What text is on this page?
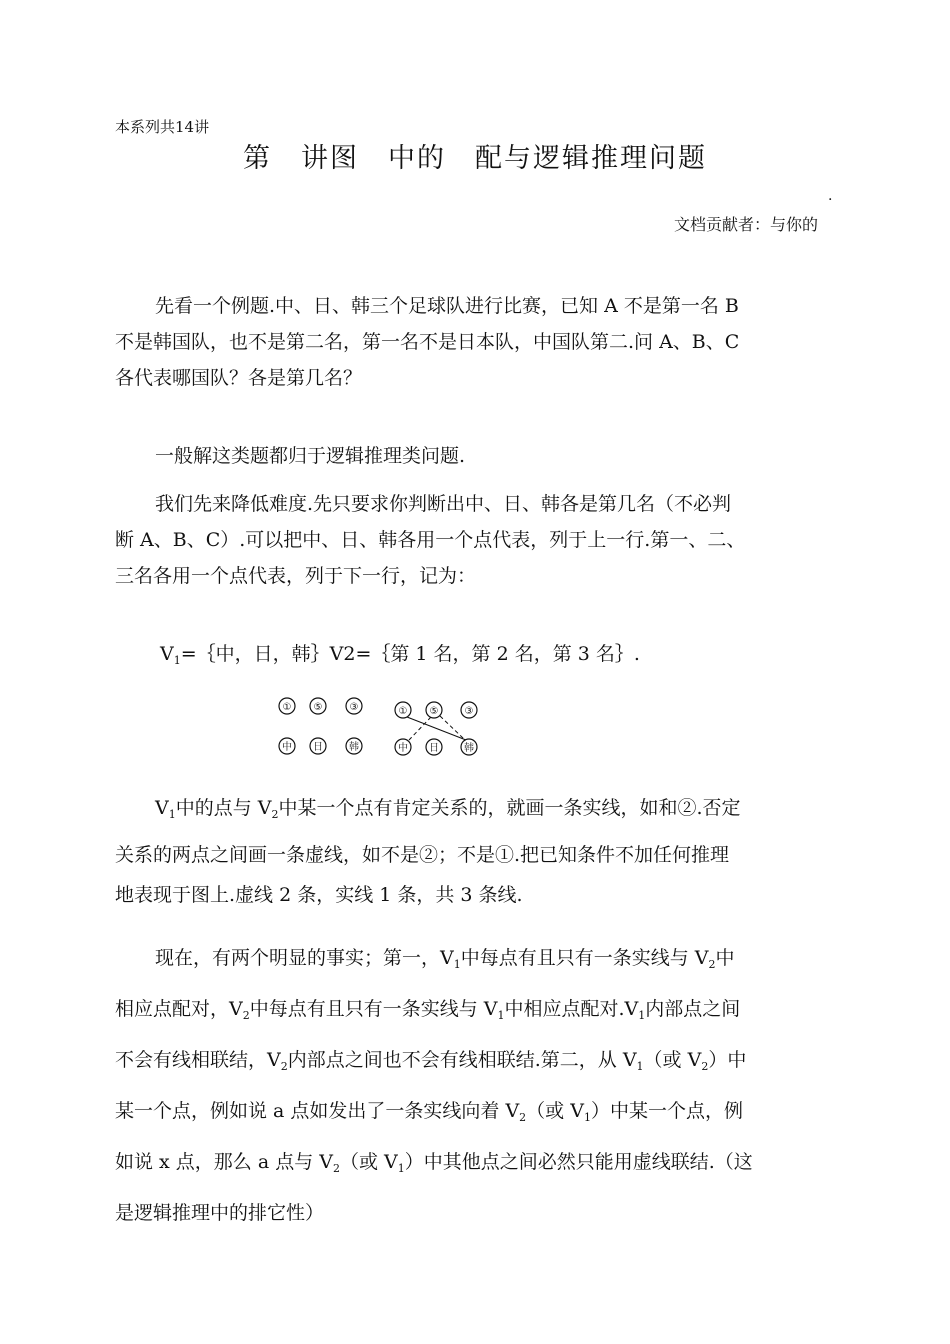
本系列共14讲
第　讲图　中的　配与逻辑推理问题
.
文档贡献者：与你的
先看一个例题.中、日、韩三个足球队进行比赛，已知 A 不是第一名 B
不是韩国队，也不是第二名，第一名不是日本队，中国队第二.问 A、B、C
各代表哪国队？各是第几名？
一般解这类题都归于逻辑推理类问题.
我们先来降低难度.先只要求你判断出中、日、韩各是第几名（不必判
断 A、B、C）.可以把中、日、韩各用一个点代表，列于上一行.第一、二、
三名各用一个点代表，列于下一行，记为：
$V_1=\{$中，日，韩｝V2=｛第 1 名，第 2 名，第 3 名｝.
① ⑤	③	① ⑤	③
中 日	韩	中 日	韩
$V_1$中的点与 $V_2$中某一个点有肯定关系的，就画一条实线，如和②.否定
关系的两点之间画一条虚线，如不是②；不是①.把已知条件不加任何推理
地表现于图上.虚线 2 条，实线 1 条，共 3 条线.
现在，有两个明显的事实；第一，$V_1$中每点有且只有一条实线与 $V_2$中
相应点配对，$V_2$中每点有且只有一条实线与 $V_1$中相应点配对$.V_1$内部点之间
不会有线相联结，$V_2$内部点之间也不会有线相联结.第二，从 $V_1$（或 $V_2$）中
某一个点，例如说 a 点如发出了一条实线向着 $V_2$（或 $V_1$）中某一个点，例
如说 x 点，那么 a 点与 $V_2$（或 $V_1$）中其他点之间必然只能用虚线联结.（这
是逻辑推理中的排它性）
